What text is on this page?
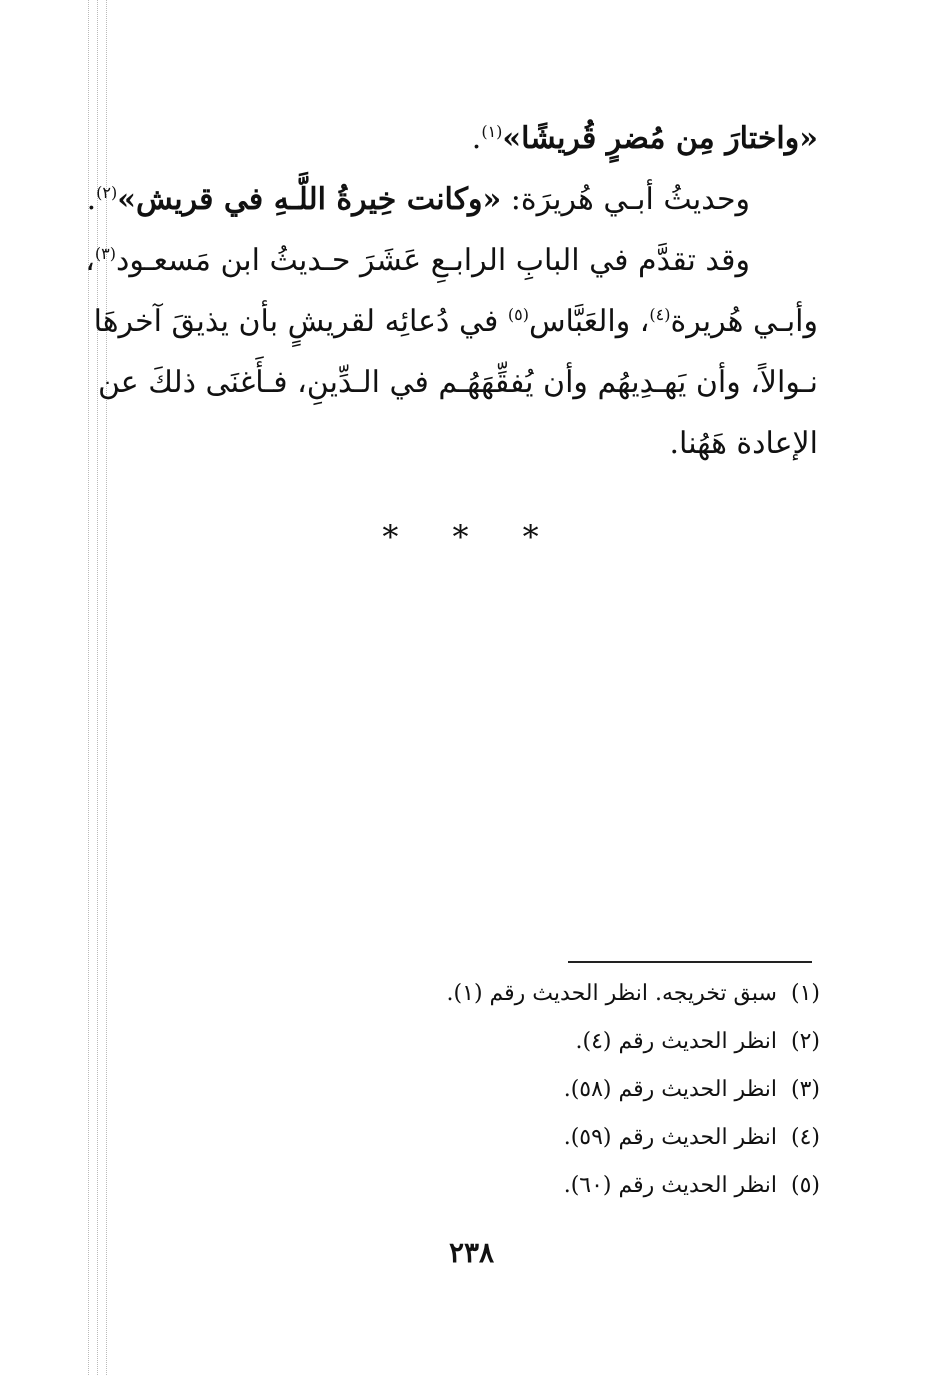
«واختارَ مِن مُضرٍ قُريشًا»$^{(١)}$.
وحديثُ أبـي هُريرَة: «وكانت خِيرةُ اللَّـهِ في قريش»$^{(٢)}$.
وقد تقدَّم في البابِ الرابـعِ عَشَرَ حـديثُ ابن مَسعـود$^{(٣)}$،
وأبـي هُريرة$^{(٤)}$، والعَبَّاس$^{(٥)}$ في دُعائِه لقريشٍ بأن يذيقَ آخرهَا
نـوالاً، وأن يَهـدِيهُم وأن يُفقِّهَهُـم في الـدِّينِ، فـأَغنَى ذلكَ عن
الإعادة هَهُنا.
* * *
(١)سبق تخريجه. انظر الحديث رقم (١).
(٢)انظر الحديث رقم (٤).
(٣)انظر الحديث رقم (٥٨).
(٤)انظر الحديث رقم (٥٩).
(٥)انظر الحديث رقم (٦٠).
٢٣٨
